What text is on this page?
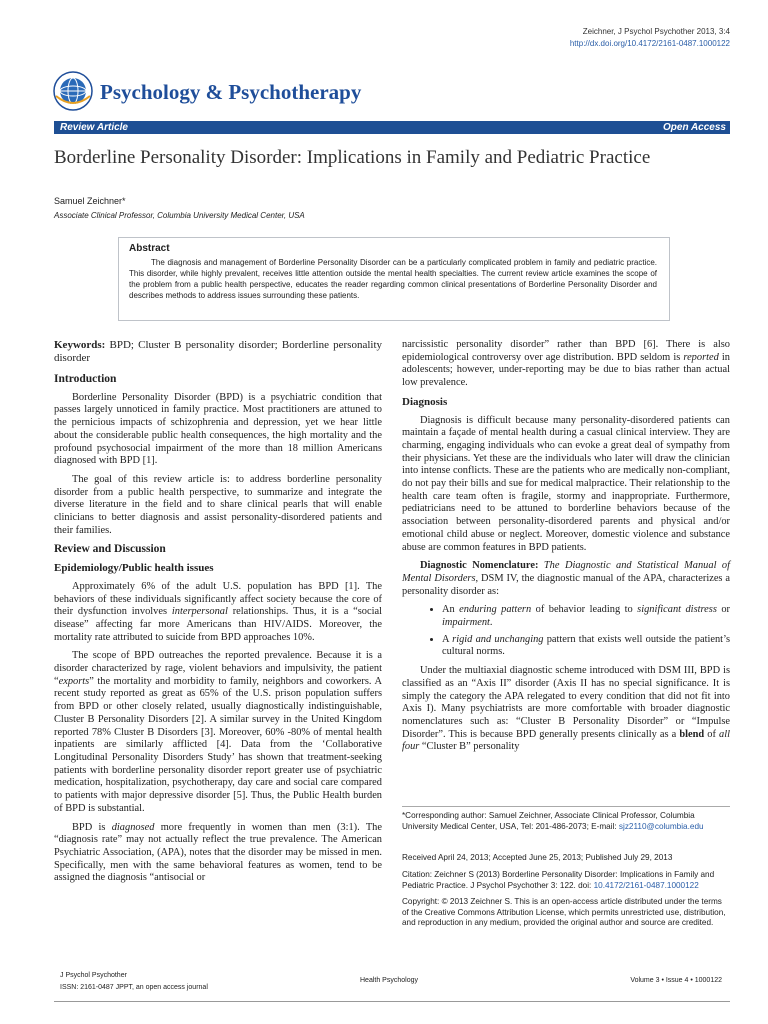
Zeichner, J Psychol Psychother 2013, 3:4
http://dx.doi.org/10.4172/2161-0487.1000122
Psychology & Psychotherapy
Review Article	Open Access
Borderline Personality Disorder: Implications in Family and Pediatric Practice
Samuel Zeichner*
Associate Clinical Professor, Columbia University Medical Center, USA
Abstract
The diagnosis and management of Borderline Personality Disorder can be a particularly complicated problem in family and pediatric practice. This disorder, while highly prevalent, receives little attention outside the mental health specialties. The current review article examines the scope of the problem from a public health perspective, educates the reader regarding common clinical presentations of Borderline Personality Disorder and describes methods to address issues surrounding these patients.

Keywords: BPD; Cluster B personality disorder; Borderline personality disorder

Introduction

Borderline Personality Disorder (BPD) is a psychiatric condition that passes largely unnoticed in family practice. Most practitioners are attuned to the pernicious impacts of schizophrenia and depression, yet we hear little about the considerable public health consequences, the high mortality and the profound psychosocial impairment of the more than 18 million Americans diagnosed with BPD [1].

The goal of this review article is: to address borderline personality disorder from a public health perspective, to summarize and integrate the diverse literature in the field and to share clinical pearls that will enable clinicians to better diagnosis and assist personality-disordered patients and their families.

Review and Discussion
Epidemiology/Public health issues

Approximately 6% of the adult U.S. population has BPD [1]. The behaviors of these individuals significantly affect society because the core of their dysfunction involves interpersonal relationships. Thus, it is a “social disease” affecting far more Americans than HIV/AIDS. Moreover, the mortality rate attributed to suicide from BPD approaches 10%.

The scope of BPD outreaches the reported prevalence. Because it is a disorder characterized by rage, violent behaviors and impulsivity, the patient “exports” the mortality and morbidity to family, neighbors and coworkers. A recent study reported as great as 65% of the U.S. prison population suffers from BPD or other closely related, usually diagnostically indistinguishable, Cluster B Personality Disorders [2]. A similar survey in the United Kingdom reported 78% Cluster B Disorders [3]. Moreover, 60% -80% of mental health inpatients are similarly afflicted [4]. Data from the ‘Collaborative Longitudinal Personality Disorders Study’ has shown that treatment-seeking patients with borderline personality disorder report greater use of psychiatric medication, hospitalization, psychotherapy, day care and social care compared to patients with major depressive disorder [5]. Thus, the Public Health burden of BPD is substantial.

BPD is diagnosed more frequently in women than men (3:1). The “diagnosis rate” may not actually reflect the true prevalence. The American Psychiatric Association, (APA), notes that the disorder may be missed in men. Specifically, men with the same behavioral features as women, tend to be assigned the diagnosis “antisocial or

narcissistic personality disorder” rather than BPD [6]. There is also epidemiological controversy over age distribution. BPD seldom is reported in adolescents; however, under-reporting may be due to bias rather than actual low prevalence.

Diagnosis

Diagnosis is difficult because many personality-disordered patients can maintain a façade of mental health during a casual clinical interview. They are charming, engaging individuals who can evoke a great deal of sympathy from their physicians. Yet these are the individuals who later will draw the clinician into intense conflicts. These are the patients who are medically non-compliant, do not pay their bills and sue for medical malpractice. Their relationship to the health care team often is fragile, stormy and inappropriate. Furthermore, pediatricians need to be attuned to borderline behaviors because of the association between personality-disordered parents and physical and/or emotional child abuse or neglect. Moreover, domestic violence and substance abuse are common features in BPD patients.

Diagnostic Nomenclature: The Diagnostic and Statistical Manual of Mental Disorders, DSM IV, the diagnostic manual of the APA, characterizes a personality disorder as:

• An enduring pattern of behavior leading to significant distress or impairment.
• A rigid and unchanging pattern that exists well outside the patient’s cultural norms.

Under the multiaxial diagnostic scheme introduced with DSM III, BPD is classified as an “Axis II” disorder (Axis II has no special significance. It is simply the category the APA relegated to every condition that did not fit into Axis I). Many psychiatrists are more comfortable with broader diagnostic nomenclatures such as: “Cluster B Personality Disorder” or “Impulse Disorder”. This is because BPD generally presents clinically as a blend of all four “Cluster B” personality

*Corresponding author: Samuel Zeichner, Associate Clinical Professor, Columbia University Medical Center, USA, Tel: 201-486-2073; E-mail: sjz2110@columbia.edu
Received April 24, 2013; Accepted June 25, 2013; Published July 29, 2013
Citation: Zeichner S (2013) Borderline Personality Disorder: Implications in Family and Pediatric Practice. J Psychol Psychother 3: 122. doi: 10.4172/2161-0487.1000122
Copyright: © 2013 Zeichner S. This is an open-access article distributed under the terms of the Creative Commons Attribution License, which permits unrestricted use, distribution, and reproduction in any medium, provided the original author and source are credited.
J Psychol Psychother
ISSN: 2161-0487 JPPT, an open access journal
Health Psychology	Volume 3 • Issue 4 • 1000122
